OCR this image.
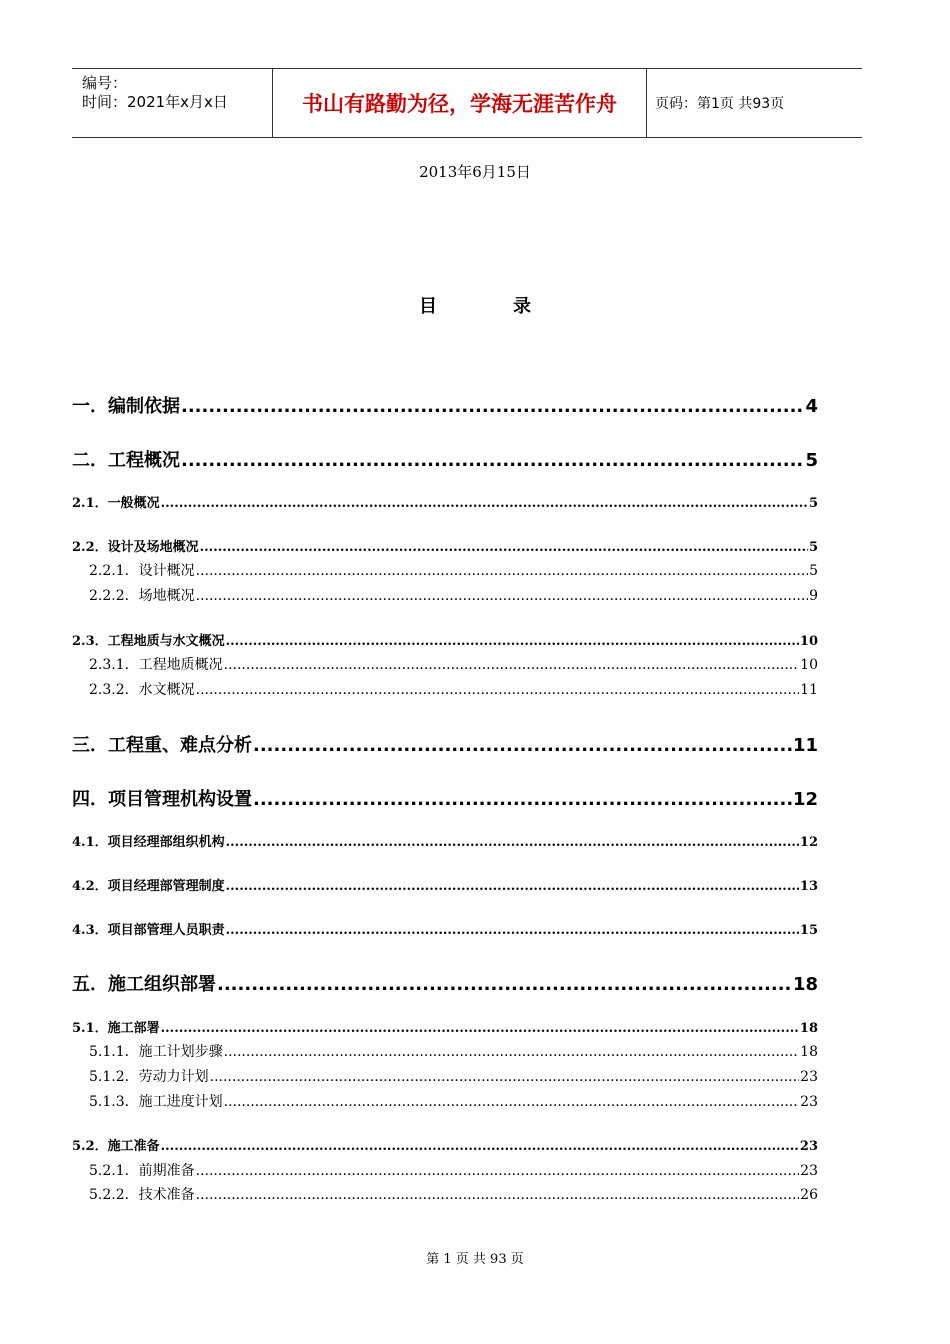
编号：
时间：2021年x月x日	书山有路勤为径，学海无涯苦作舟	页码：第1页 共93页
2013年6月15日
目	录
一．编制依据 .....	4
二．工程概况 .....	5
2.1．一般概况 .....	5
2.2．设计及场地概况 .....	5
2.2.1．设计概况 .....	5
2.2.2．场地概况 .....	9
2.3．工程地质与水文概况 .....	10
2.3.1．工程地质概况 .....	10
2.3.2．水文概况 .....	11
三．工程重、难点分析 .....	11
四．项目管理机构设置 .....	12
4.1．项目经理部组织机构 .....	12
4.2．项目经理部管理制度 .....	13
4.3．项目部管理人员职责 .....	15
五．施工组织部署 .....	18
5.1．施工部署 .....	18
5.1.1．施工计划步骤 .....	18
5.1.2．劳动力计划 .....	23
5.1.3．施工进度计划 .....	23
5.2．施工准备 .....	23
5.2.1．前期准备 .....	23
5.2.2．技术准备 .....	26
第 1 页 共 93 页
